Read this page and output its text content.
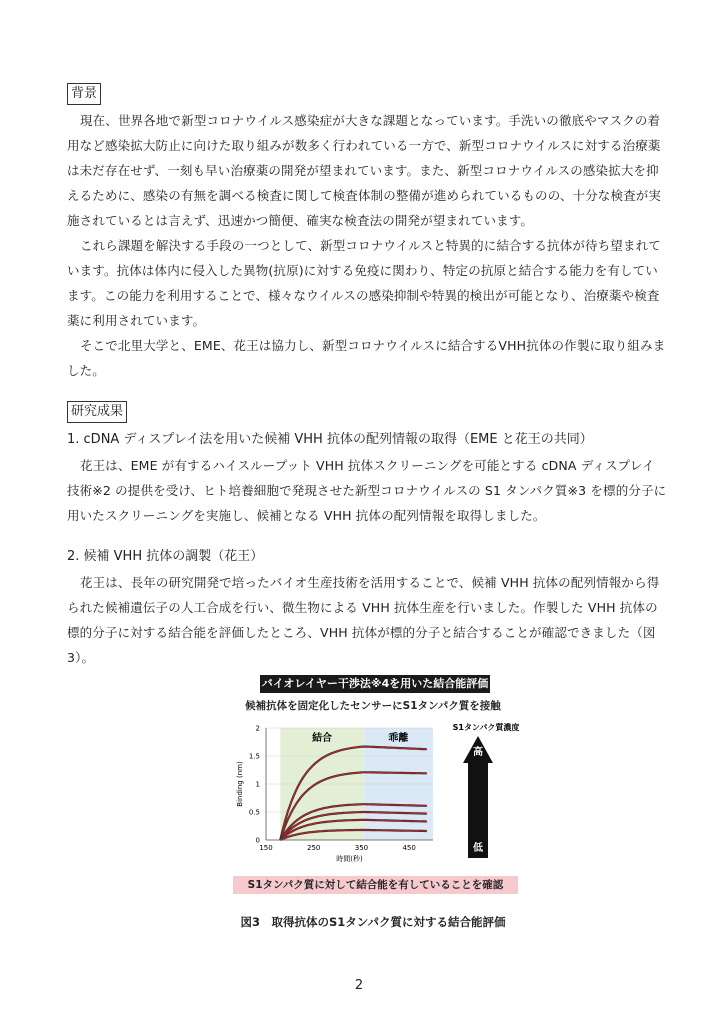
背景

現在、世界各地で新型コロナウイルス感染症が大きな課題となっています。手洗いの徹底やマスクの着用など感染拡大防止に向けた取り組みが数多く行われている一方で、新型コロナウイルスに対する治療薬は未だ存在せず、一刻も早い治療薬の開発が望まれています。また、新型コロナウイルスの感染拡大を抑えるために、感染の有無を調べる検査に関して検査体制の整備が進められているものの、十分な検査が実施されているとは言えず、迅速かつ簡便、確実な検査法の開発が望まれています。

これら課題を解決する手段の一つとして、新型コロナウイルスと特異的に結合する抗体が待ち望まれています。抗体は体内に侵入した異物(抗原)に対する免疫に関わり、特定の抗原と結合する能力を有しています。この能力を利用することで、様々なウイルスの感染抑制や特異的検出が可能となり、治療薬や検査薬に利用されています。

そこで北里大学と、EME、花王は協力し、新型コロナウイルスに結合するVHH抗体の作製に取り組みました。

研究成果
1. cDNA ディスプレイ法を用いた候補 VHH 抗体の配列情報の取得（EME と花王の共同）

花王は、EME が有するハイスループット VHH 抗体スクリーニングを可能とする cDNA ディスプレイ技術※2 の提供を受け、ヒト培養細胞で発現させた新型コロナウイルスの S1 タンパク質※3 を標的分子に用いたスクリーニングを実施し、候補となる VHH 抗体の配列情報を取得しました。

2. 候補 VHH 抗体の調製（花王）

花王は、長年の研究開発で培ったバイオ生産技術を活用することで、候補 VHH 抗体の配列情報から得られた候補遺伝子の人工合成を行い、微生物による VHH 抗体生産を行いました。作製した VHH 抗体の標的分子に対する結合能を評価したところ、VHH 抗体が標的分子と結合することが確認できました（図 3）。

バイオレイヤー干渉法※4を用いた結合能評価
候補抗体を固定化したセンサーにS1タンパク質を接触
0
0.5
1
1.5
2
150	250	350	450
結合	乖離
時間(秒)
Binding (nm)
S1タンパク質濃度
高
低
S1タンパク質に対して結合能を有していることを確認
図3　取得抗体のS1タンパク質に対する結合能評価
2
